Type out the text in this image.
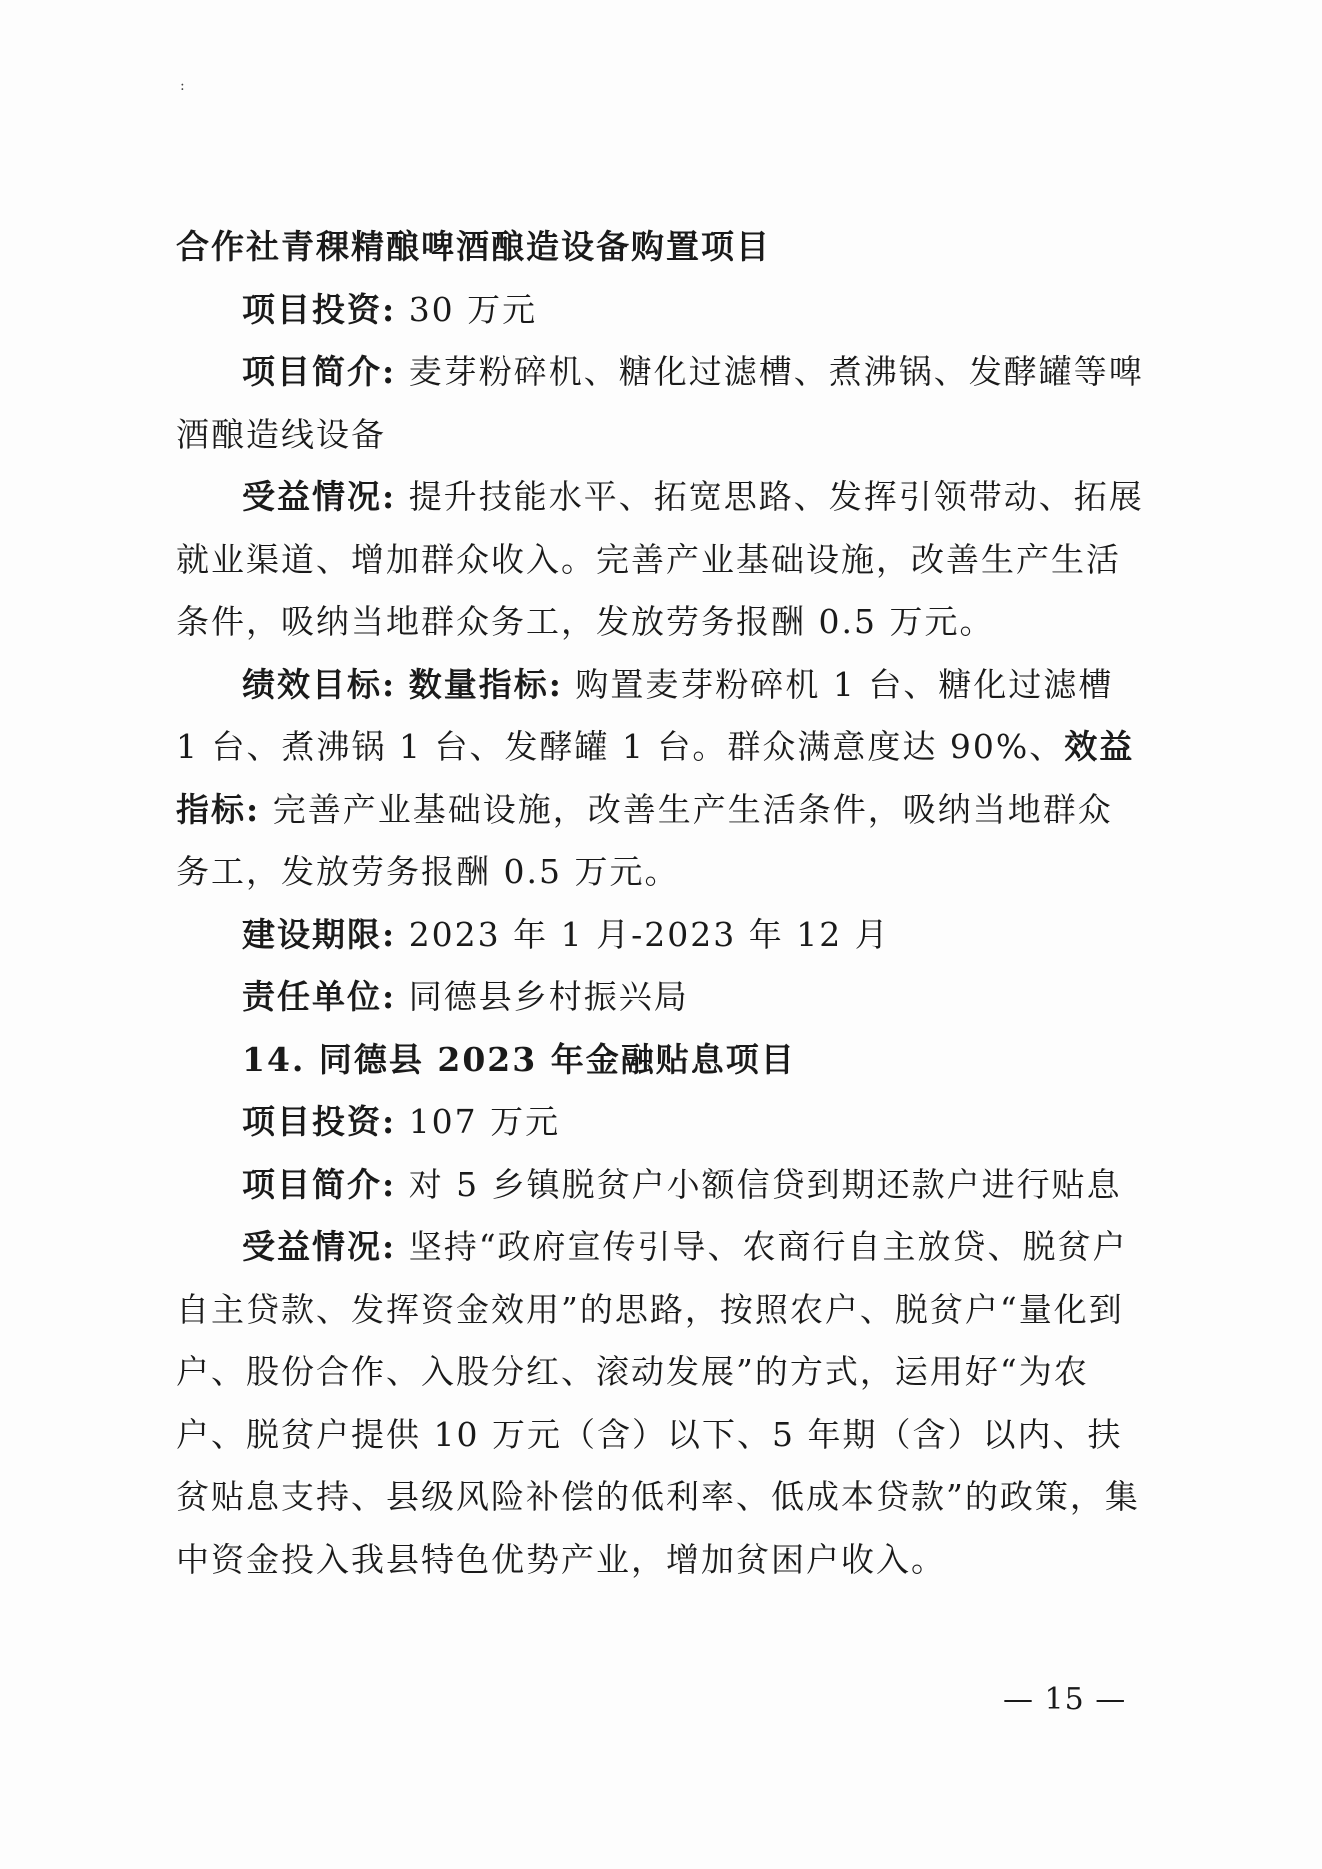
:

合作社青稞精酿啤酒酿造设备购置项目

项目投资: 30 万元

项目简介: 麦芽粉碎机、糖化过滤槽、煮沸锅、发酵罐等啤酒酿造线设备

受益情况: 提升技能水平、拓宽思路、发挥引领带动、拓展就业渠道、增加群众收入。完善产业基础设施，改善生产生活条件，吸纳当地群众务工，发放劳务报酬 0.5 万元。

绩效目标: 数量指标: 购置麦芽粉碎机 1 台、糖化过滤槽 1 台、煮沸锅 1 台、发酵罐 1 台。群众满意度达 90%、效益指标: 完善产业基础设施，改善生产生活条件，吸纳当地群众务工，发放劳务报酬 0.5 万元。

建设期限: 2023 年 1 月-2023 年 12 月

责任单位: 同德县乡村振兴局

14. 同德县 2023 年金融贴息项目

项目投资: 107 万元

项目简介: 对 5 乡镇脱贫户小额信贷到期还款户进行贴息

受益情况: 坚持“政府宣传引导、农商行自主放贷、脱贫户自主贷款、发挥资金效用”的思路，按照农户、脱贫户“量化到户、股份合作、入股分红、滚动发展”的方式，运用好“为农户、脱贫户提供 10 万元（含）以下、5 年期（含）以内、扶贫贴息支持、县级风险补偿的低利率、低成本贷款”的政策，集中资金投入我县特色优势产业，增加贫困户收入。

— 15 —
